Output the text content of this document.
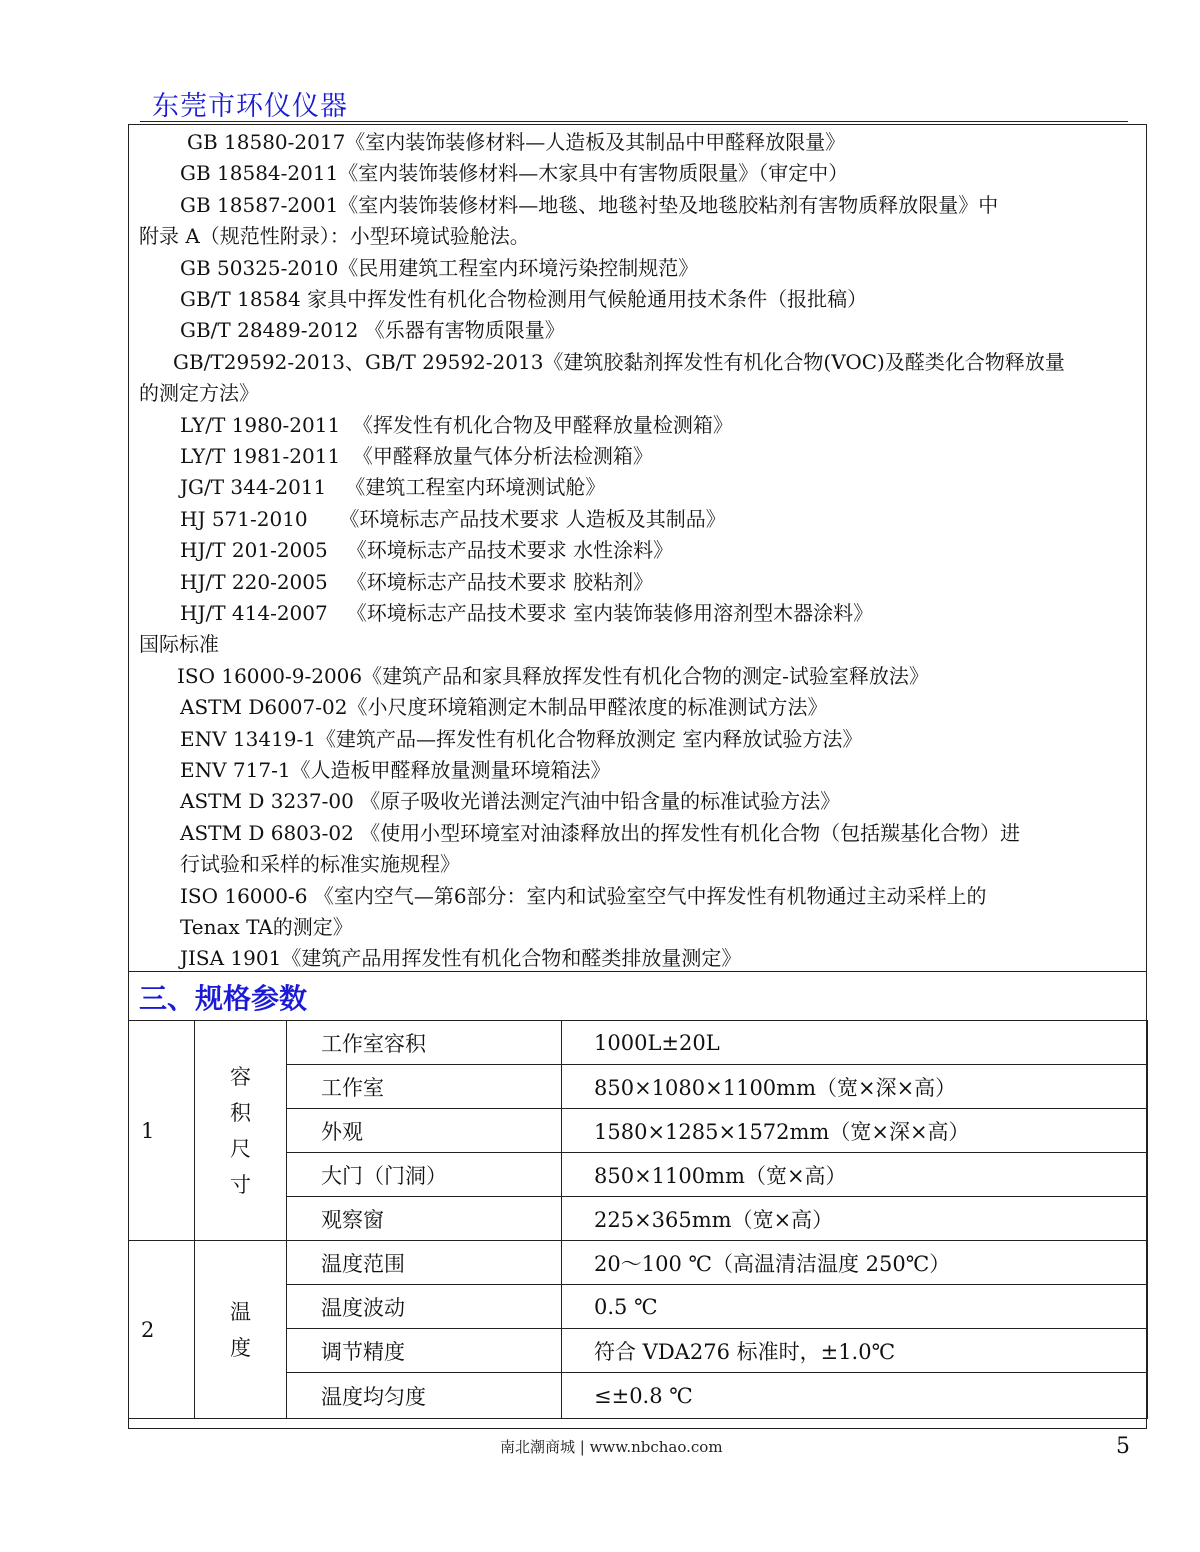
东莞市环仪仪器
GB 18580-2017《室内装饰装修材料—人造板及其制品中甲醛释放限量》
GB 18584-2011《室内装饰装修材料—木家具中有害物质限量》（审定中）
GB 18587-2001《室内装饰装修材料—地毯、地毯衬垫及地毯胶粘剂有害物质释放限量》中
附录 A（规范性附录）：小型环境试验舱法。
GB 50325-2010《民用建筑工程室内环境污染控制规范》
GB/T 18584 家具中挥发性有机化合物检测用气候舱通用技术条件（报批稿）
GB/T 28489-2012 《乐器有害物质限量》
GB/T29592-2013、GB/T 29592-2013《建筑胶黏剂挥发性有机化合物(VOC)及醛类化合物释放量
的测定方法》
LY/T 1980-2011  《挥发性有机化合物及甲醛释放量检测箱》
LY/T 1981-2011  《甲醛释放量气体分析法检测箱》
JG/T 344-2011   《建筑工程室内环境测试舱》
HJ 571-2010     《环境标志产品技术要求 人造板及其制品》
HJ/T 201-2005   《环境标志产品技术要求 水性涂料》
HJ/T 220-2005   《环境标志产品技术要求 胶粘剂》
HJ/T 414-2007   《环境标志产品技术要求 室内装饰装修用溶剂型木器涂料》
国际标准
ISO 16000-9-2006《建筑产品和家具释放挥发性有机化合物的测定-试验室释放法》
ASTM D6007-02《小尺度环境箱测定木制品甲醛浓度的标准测试方法》
ENV 13419-1《建筑产品—挥发性有机化合物释放测定 室内释放试验方法》
ENV 717-1《人造板甲醛释放量测量环境箱法》
ASTM D 3237-00 《原子吸收光谱法测定汽油中铅含量的标准试验方法》
ASTM D 6803-02 《使用小型环境室对油漆释放出的挥发性有机化合物（包括羰基化合物）进
行试验和采样的标准实施规程》
ISO 16000-6 《室内空气—第6部分：室内和试验室空气中挥发性有机物通过主动采样上的
Tenax TA的测定》
JISA 1901《建筑产品用挥发性有机化合物和醛类排放量测定》
三、规格参数
1	容积尺寸	工作室容积	1000L±20L
		工作室	850×1080×1100mm（宽×深×高）
		外观	1580×1285×1572mm（宽×深×高）
		大门（门洞）	850×1100mm（宽×高）
		观察窗	225×365mm（宽×高）
2	温度	温度范围	20～100 ℃（高温清洁温度 250℃）
		温度波动	0.5 ℃
		调节精度	符合 VDA276 标准时，±1.0℃
		温度均匀度	≤±0.8 ℃
南北潮商城 | www.nbchao.com	5
